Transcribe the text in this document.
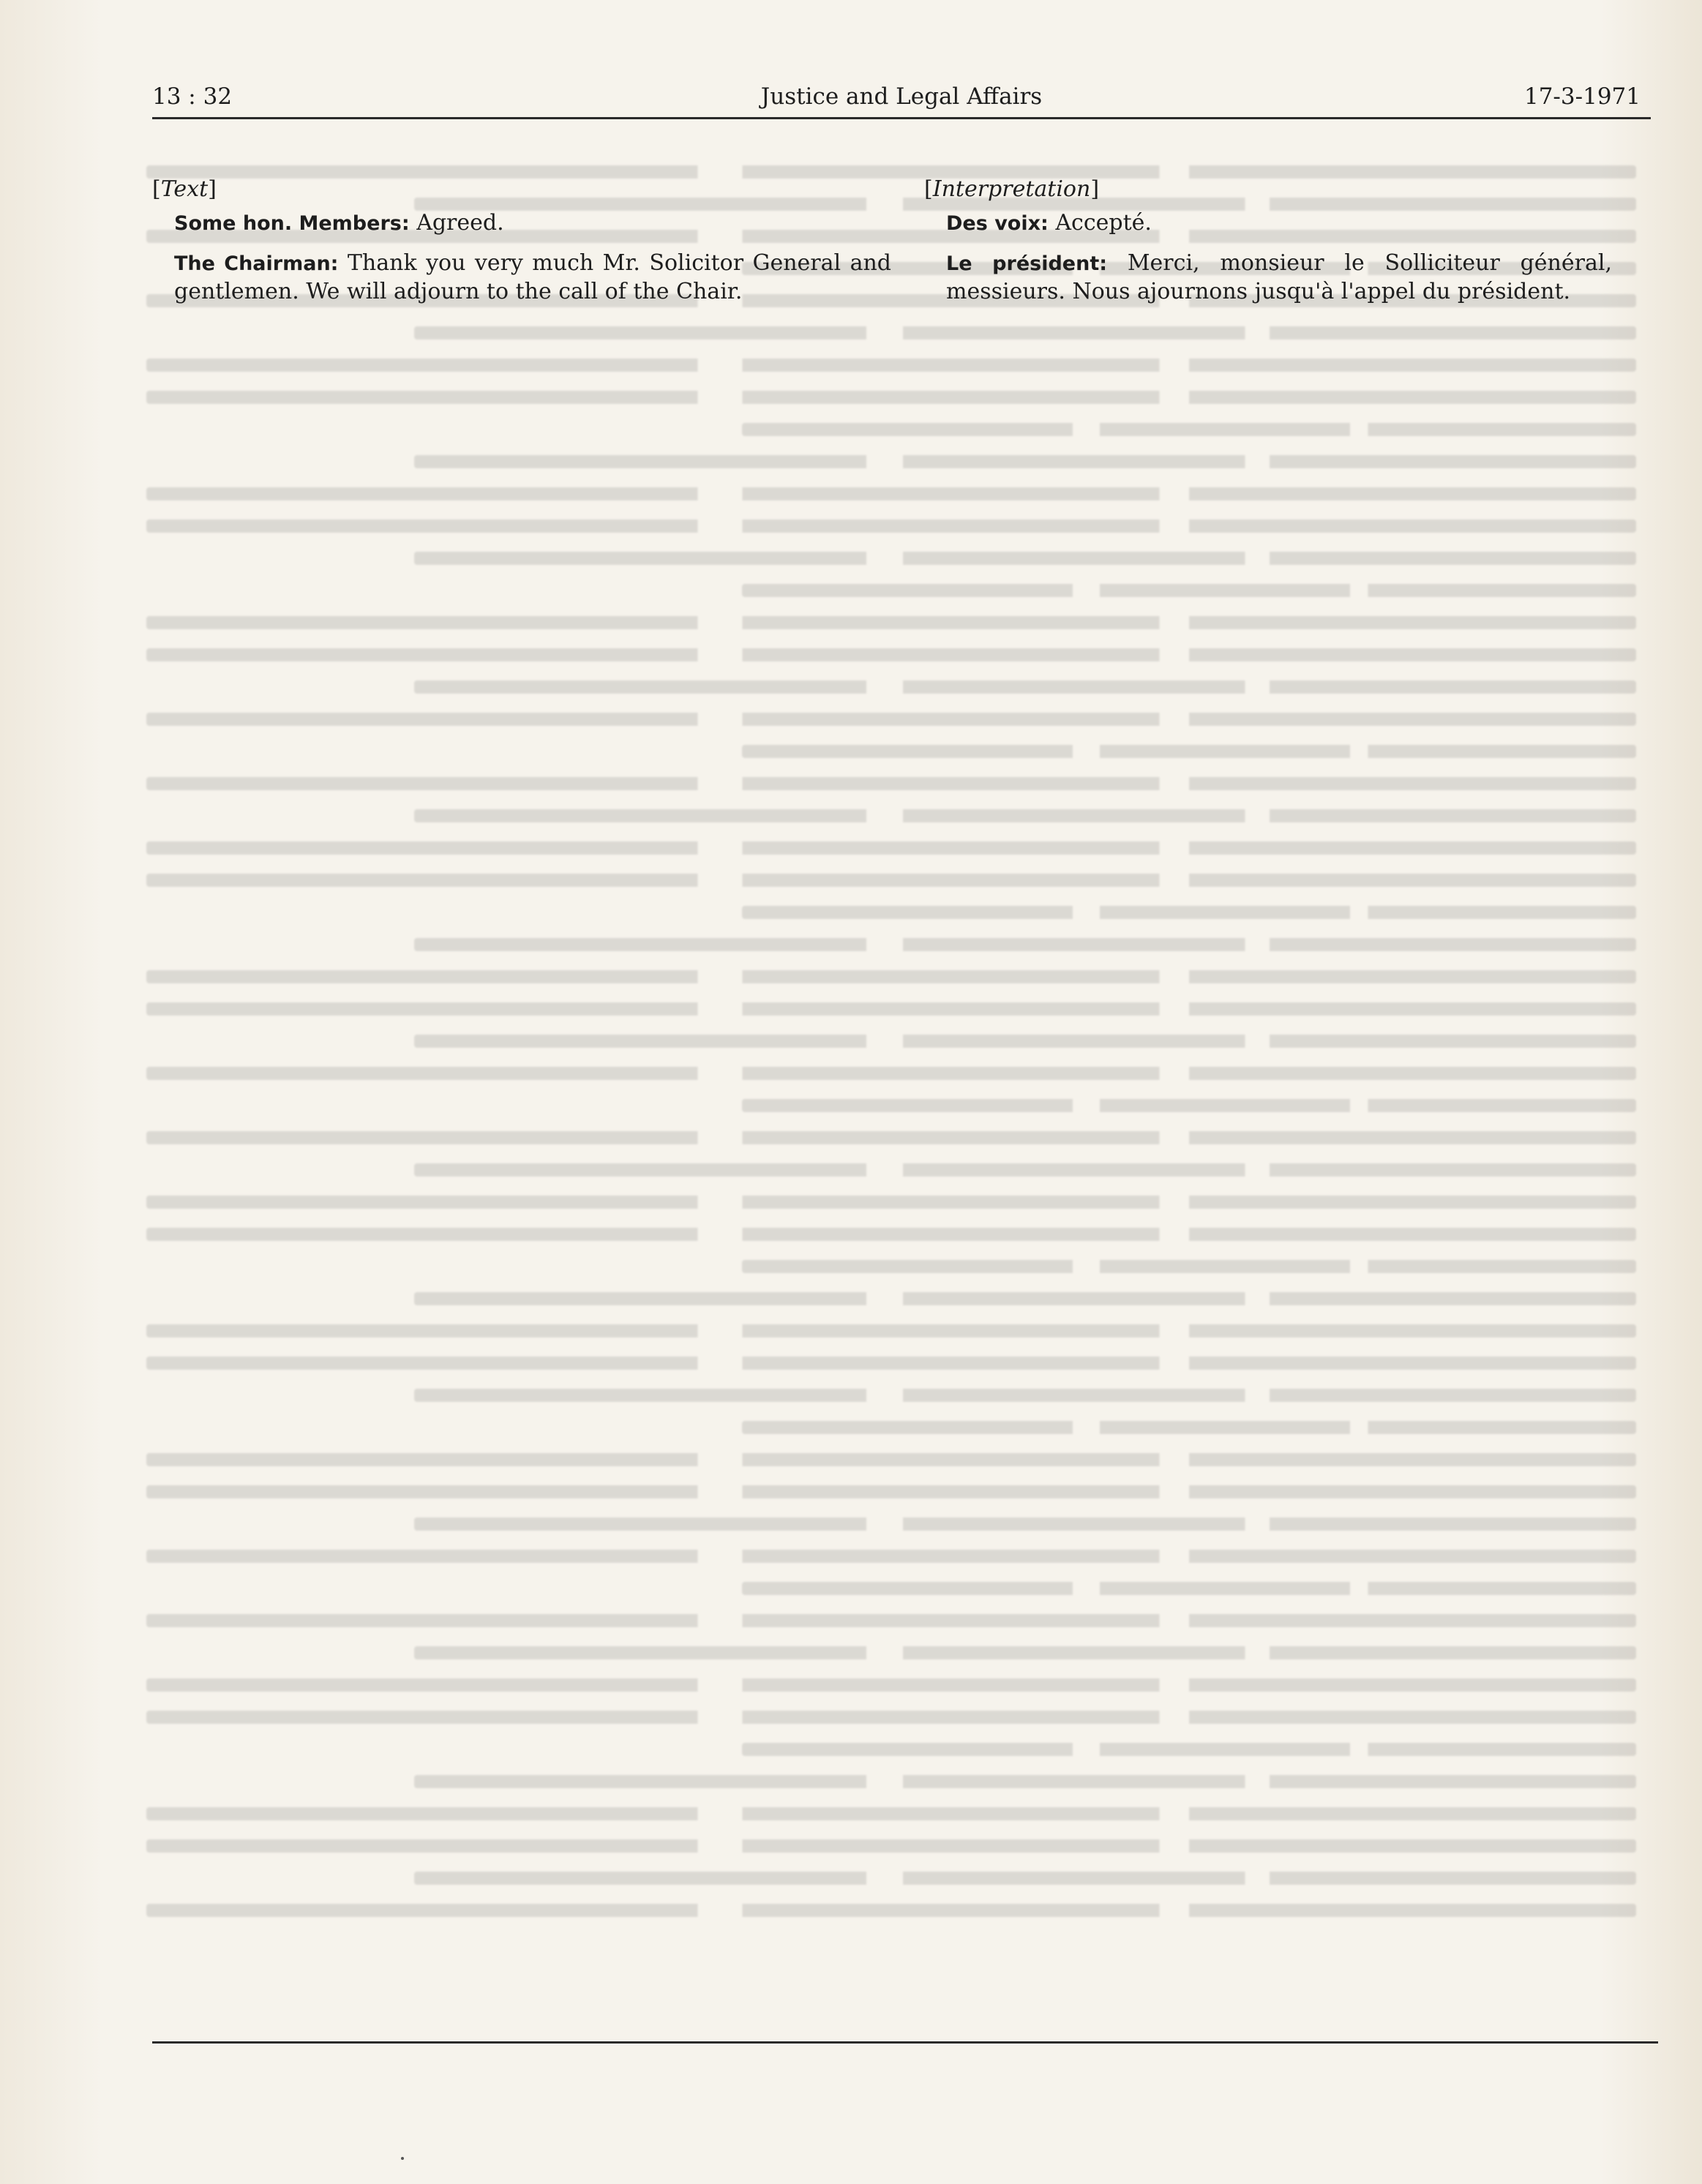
13 : 32	Justice and Legal Affairs	17-3-1971
[Text]
Some hon. Members: Agreed.
The Chairman: Thank you very much Mr. Solicitor General and gentlemen. We will adjourn to the call of the Chair.
[Interpretation]
Des voix: Accepté.
Le président: Merci, monsieur le Solliciteur général, messieurs. Nous ajournons jusqu'à l'appel du président.
